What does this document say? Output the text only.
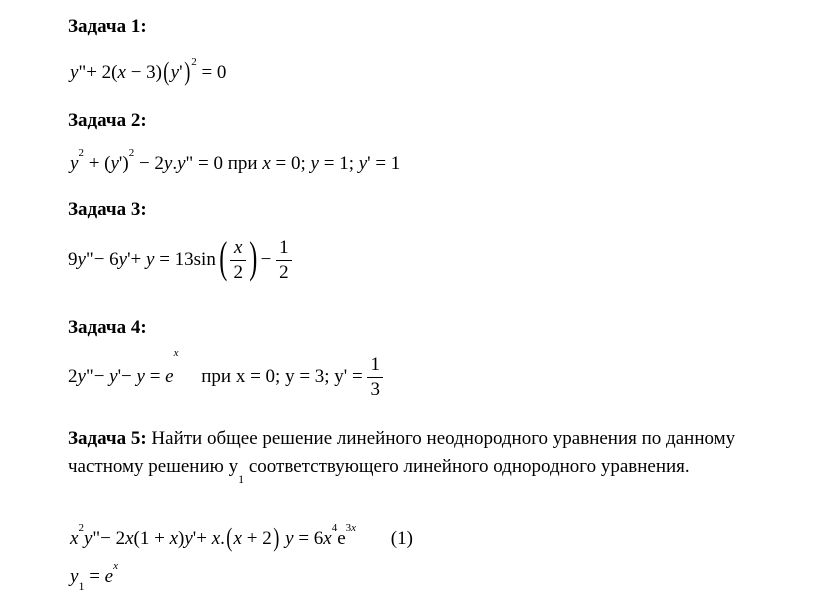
Задача 1:
y"+ $2(x - 3)(y')^2 = 0$
Задача 2:
$y^2 + (y')^2 - 2y.y$" = 0 при x = 0; y = 1; y' = 1
Задача 3:
9y"− $6y'+ y = 13\sin( \frac{x}{2}$ ) − $\frac{1}{2}$
Задача 4:
2y"− $y'- y = e^x$ при x = 0; y = 3; $y' = \frac{1}{3}$
Задача 5: Найти общее решение линейного неоднородного уравнения по данному частному решению $y_1$ соответствующего линейного однородного уравнения.
$x^2y"- 2x(1 + x)y'+ x.(x + 2) y = 6x^4e^{3x}$ (1)
$y_1 = e^x$
